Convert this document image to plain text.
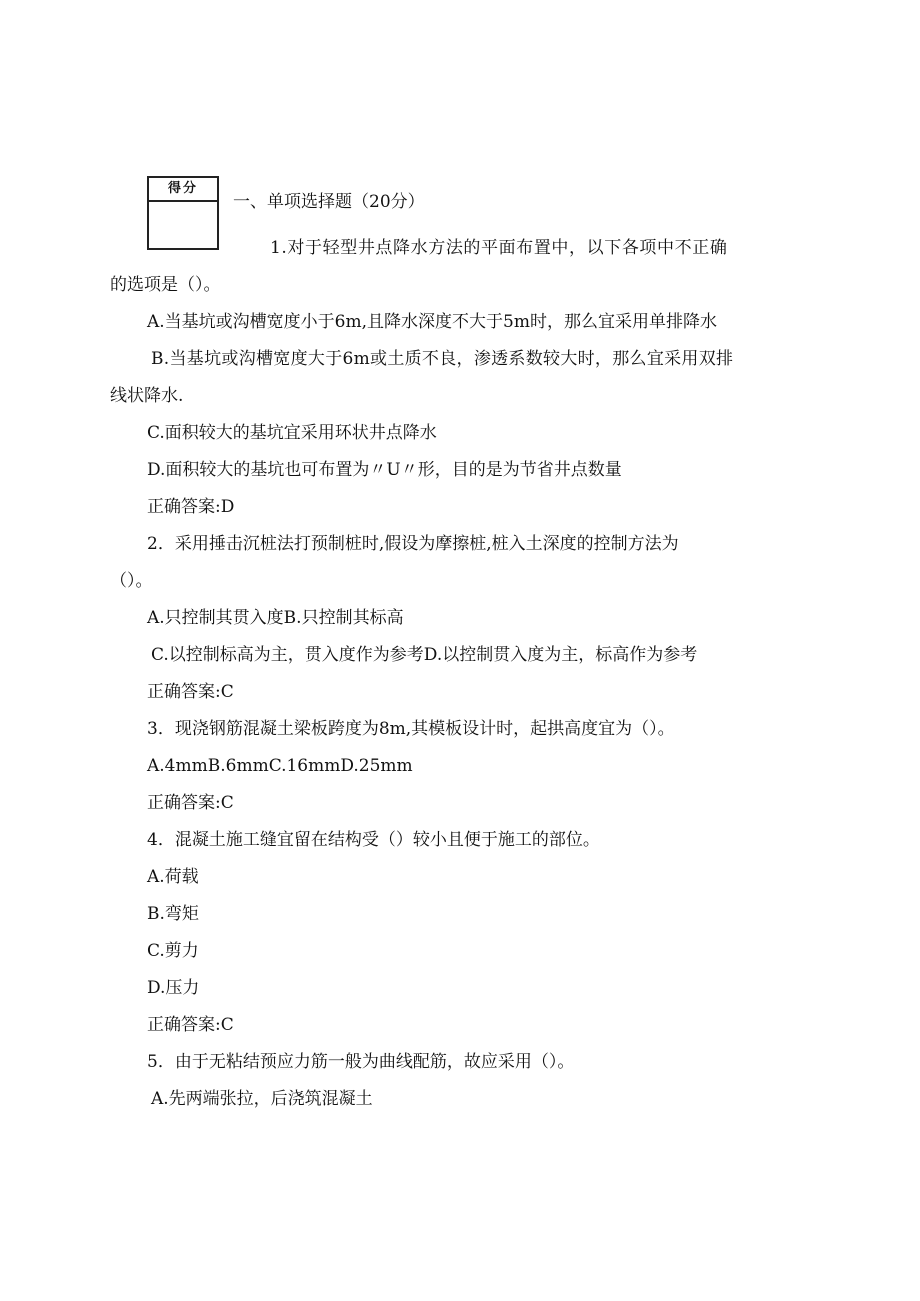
得分
一、单项选择题（20分）
1.对于轻型井点降水方法的平面布置中，以下各项中不正确
的选项是（）。
A.当基坑或沟槽宽度小于6m,且降水深度不大于5m时，那么宜采用单排降水
B.当基坑或沟槽宽度大于6m或土质不良，渗透系数较大时，那么宜采用双排
线状降水.
C.面积较大的基坑宜采用环状井点降水
D.面积较大的基坑也可布置为〃U〃形，目的是为节省井点数量
正确答案:D
2．采用捶击沉桩法打预制桩时,假设为摩擦桩,桩入土深度的控制方法为
（）。
A.只控制其贯入度B.只控制其标高
C.以控制标高为主，贯入度作为参考D.以控制贯入度为主，标高作为参考
正确答案:C
3．现浇钢筋混凝土梁板跨度为8m,其模板设计时，起拱高度宜为（）。
A.4mmB.6mmC.16mmD.25mm
正确答案:C
4．混凝土施工缝宜留在结构受（）较小且便于施工的部位。
A.荷载
B.弯矩
C.剪力
D.压力
正确答案:C
5．由于无粘结预应力筋一般为曲线配筋，故应采用（）。
A.先两端张拉，后浇筑混凝土
